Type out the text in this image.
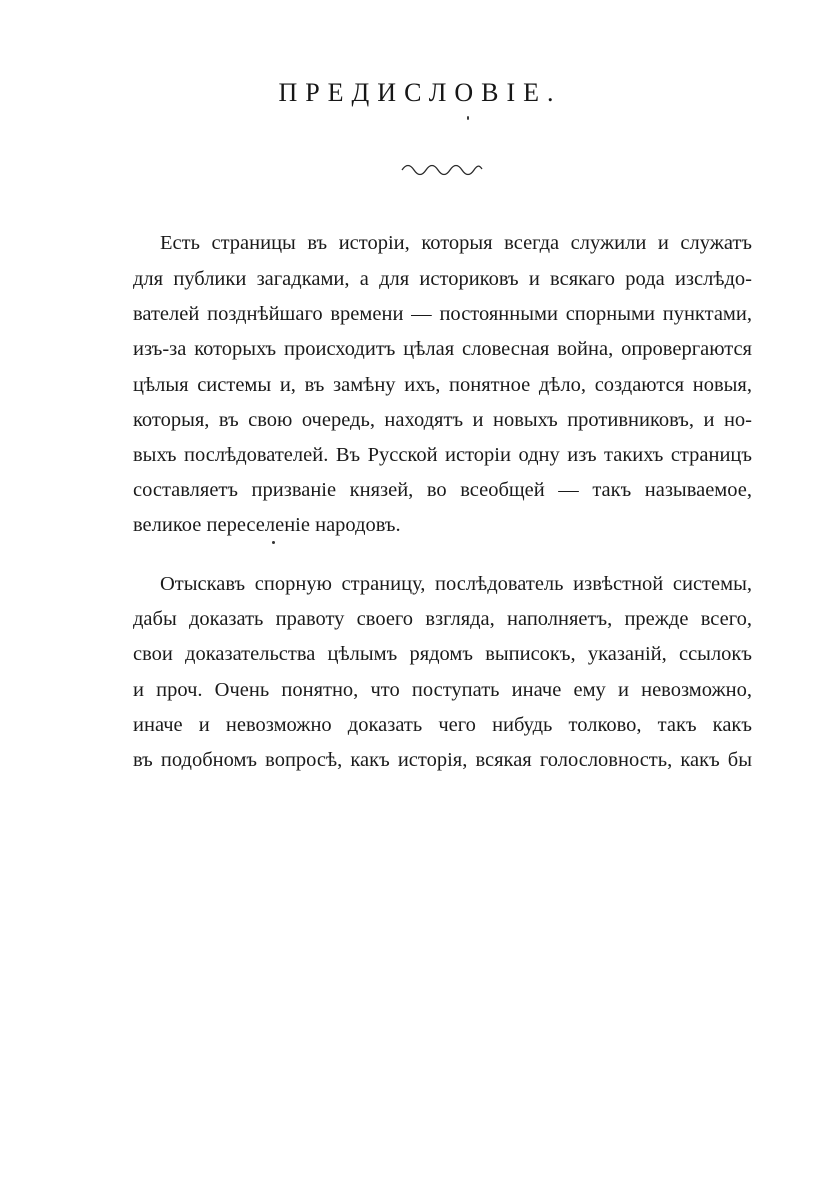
ПРЕДИСЛОВІЕ.
Есть страницы въ исторіи, которыя всегда служили и служатъ
для публики загадками, а для историковъ и всякаго рода изслѣдо-
вателей позднѣйшаго времени — постоянными спорными пунктами,
изъ-за которыхъ происходитъ цѣлая словесная война, опровергаются
цѣлыя системы и, въ замѣну ихъ, понятное дѣло, создаются новыя,
которыя, въ свою очередь, находятъ и новыхъ противниковъ, и но-
выхъ послѣдователей. Въ Русской исторіи одну изъ такихъ страницъ
составляетъ призваніе князей, во всеобщей — такъ называемое,
великое переселеніе народовъ.
Отыскавъ спорную страницу, послѣдователь извѣстной системы,
дабы доказать правоту своего взгляда, наполняетъ, прежде всего,
свои доказательства цѣлымъ рядомъ выписокъ, указаній, ссылокъ
и проч. Очень понятно, что поступать иначе ему и невозможно,
иначе и невозможно доказать чего нибудь толково, такъ какъ
въ подобномъ вопросѣ, какъ исторія, всякая голословность, какъ бы
